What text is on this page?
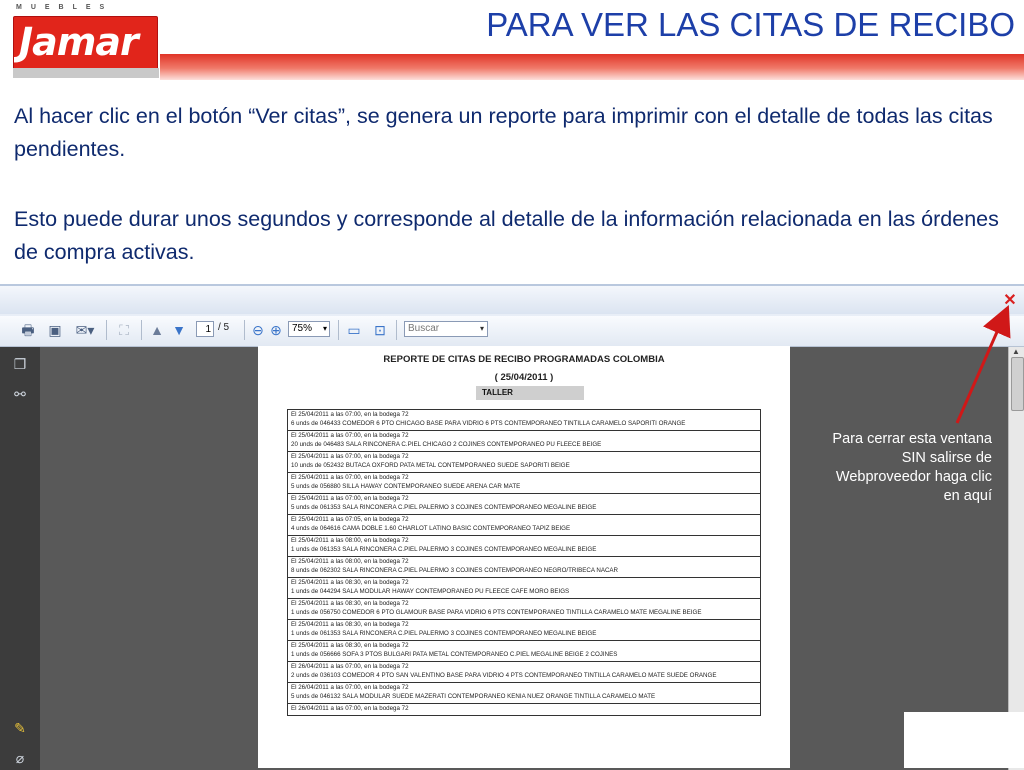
MUEBLES
Jamar	PARA VER LAS CITAS DE RECIBO
Al hacer clic en el botón “Ver citas”, se genera un reporte para imprimir con el detalle de todas las citas pendientes.
Esto puede durar unos segundos y corresponde al detalle de la información relacionada en las órdenes de compra activas.
✕
🖶 ▣ ✉▾	⛶	▲ ▼	1 / 5 ⊖ ⊕	75% ▾ ▭ ⊡	Buscar	▾
❐
⚯
✎
⌀
▲
REPORTE DE CITAS DE RECIBO PROGRAMADAS COLOMBIA
( 25/04/2011 )
TALLER
El 25/04/2011 a las 07:00, en la bodega 72
6 unds de 046433 COMEDOR 6 PTO CHICAGO BASE PARA VIDRIO 6 PTS CONTEMPORANEO TINTILLA CARAMELO SAPORITI ORANGE
El 25/04/2011 a las 07:00, en la bodega 72
20 unds de 046483 SALA RINCONERA C.PIEL CHICAGO 2 COJINES CONTEMPORANEO PU FLEECE BEIGE
El 25/04/2011 a las 07:00, en la bodega 72
10 unds de 052432 BUTACA OXFORD PATA METAL CONTEMPORANEO SUEDE SAPORITI BEIGE
El 25/04/2011 a las 07:00, en la bodega 72
5 unds de 056880 SILLA HAWAY CONTEMPORANEO SUEDE ARENA CAR MATE
El 25/04/2011 a las 07:00, en la bodega 72
5 unds de 061353 SALA RINCONERA C.PIEL PALERMO 3 COJINES CONTEMPORANEO MEGALINE BEIGE
El 25/04/2011 a las 07:05, en la bodega 72
4 unds de 064616 CAMA DOBLE 1.60 CHARLOT LATINO BASIC CONTEMPORANEO TAPIZ BEIGE
El 25/04/2011 a las 08:00, en la bodega 72
1 unds de 061353 SALA RINCONERA C.PIEL PALERMO 3 COJINES CONTEMPORANEO MEGALINE BEIGE
El 25/04/2011 a las 08:00, en la bodega 72
8 unds de 062302 SALA RINCONERA C.PIEL PALERMO 3 COJINES CONTEMPORANEO NEGRO/TRIBECA NACAR
El 25/04/2011 a las 08:30, en la bodega 72
1 unds de 044294 SALA MODULAR HAWAY CONTEMPORANEO PU FLEECE CAFE MORO BEIGS
El 25/04/2011 a las 08:30, en la bodega 72
1 unds de 056750 COMEDOR 6 PTO GLAMOUR BASE PARA VIDRIO 6 PTS CONTEMPORANEO TINTILLA CARAMELO MATE MEGALINE BEIGE
El 25/04/2011 a las 08:30, en la bodega 72
1 unds de 061353 SALA RINCONERA C.PIEL PALERMO 3 COJINES CONTEMPORANEO MEGALINE BEIGE
El 25/04/2011 a las 08:30, en la bodega 72
1 unds de 056666 SOFA 3 PTOS BULGARI PATA METAL CONTEMPORANEO C.PIEL MEGALINE BEIGE 2 COJINES
El 26/04/2011 a las 07:00, en la bodega 72
2 unds de 036103 COMEDOR 4 PTO SAN VALENTINO BASE PARA VIDRIO 4 PTS CONTEMPORANEO TINTILLA CARAMELO MATE SUEDE ORANGE
El 26/04/2011 a las 07:00, en la bodega 72
5 unds de 046132 SALA MODULAR SUEDE MAZERATI CONTEMPORANEO KENIA NUEZ ORANGE TINTILLA CARAMELO MATE
El 26/04/2011 a las 07:00, en la bodega 72
Para cerrar esta ventana SIN salirse de Webproveedor haga clic en aquí
